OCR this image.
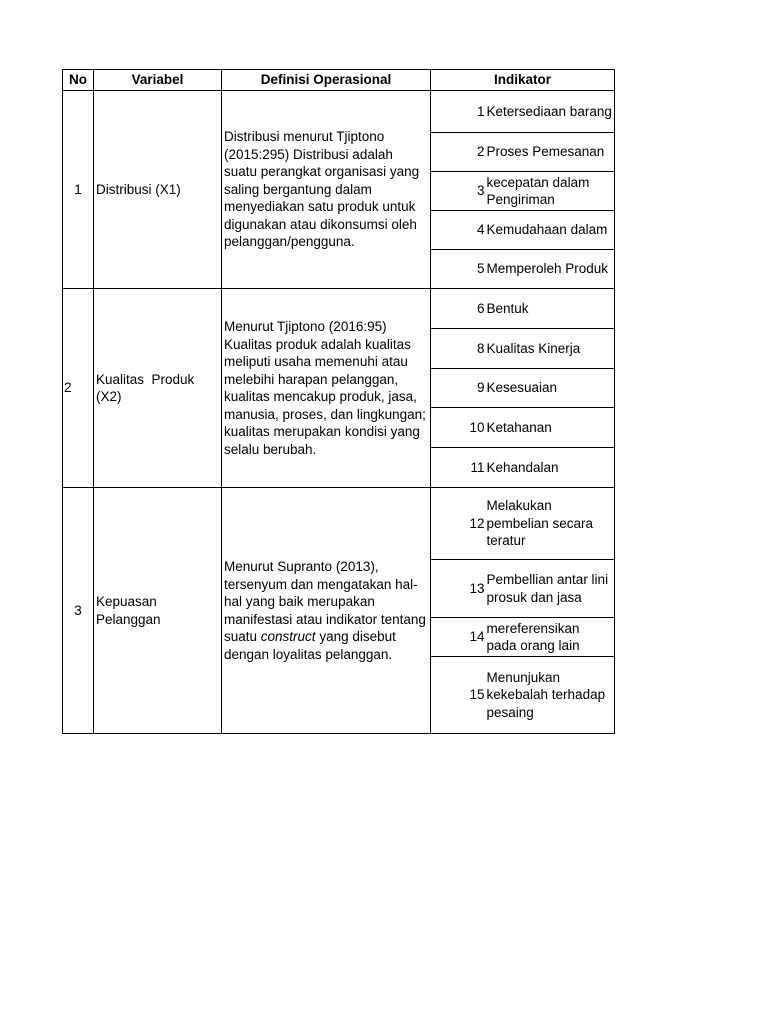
No	Variabel	Definisi Operasional	Indikator	
1	Distribusi (X1)	Distribusi menurut Tjiptono (2015:295) Distribusi adalah suatu perangkat organisasi yang saling bergantung dalam menyediakan satu produk untuk digunakan atau dikonsumsi oleh pelanggan/pengguna.	1	Ketersediaan barang
			2	Proses Pemesanan
			3	kecepatan dalam Pengiriman
			4	Kemudahaan dalam
			5	Memperoleh Produk
2	Kualitas  Produk (X2)	Menurut Tjiptono (2016:95) Kualitas produk adalah kualitas meliputi usaha memenuhi atau melebihi harapan pelanggan, kualitas mencakup produk, jasa, manusia, proses, dan lingkungan; kualitas merupakan kondisi yang selalu berubah.	6	Bentuk
			8	Kualitas Kinerja
			9	Kesesuaian
			10	Ketahanan
			11	Kehandalan
3	Kepuasan Pelanggan	Menurut Supranto (2013), tersenyum dan mengatakan hal-hal yang baik merupakan manifestasi atau indikator tentang suatu construct yang disebut dengan loyalitas pelanggan.	12	Melakukan pembelian secara teratur
			13	Pembellian antar lini prosuk dan jasa
			14	mereferensikan pada orang lain
			15	Menunjukan kekebalah terhadap pesaing
